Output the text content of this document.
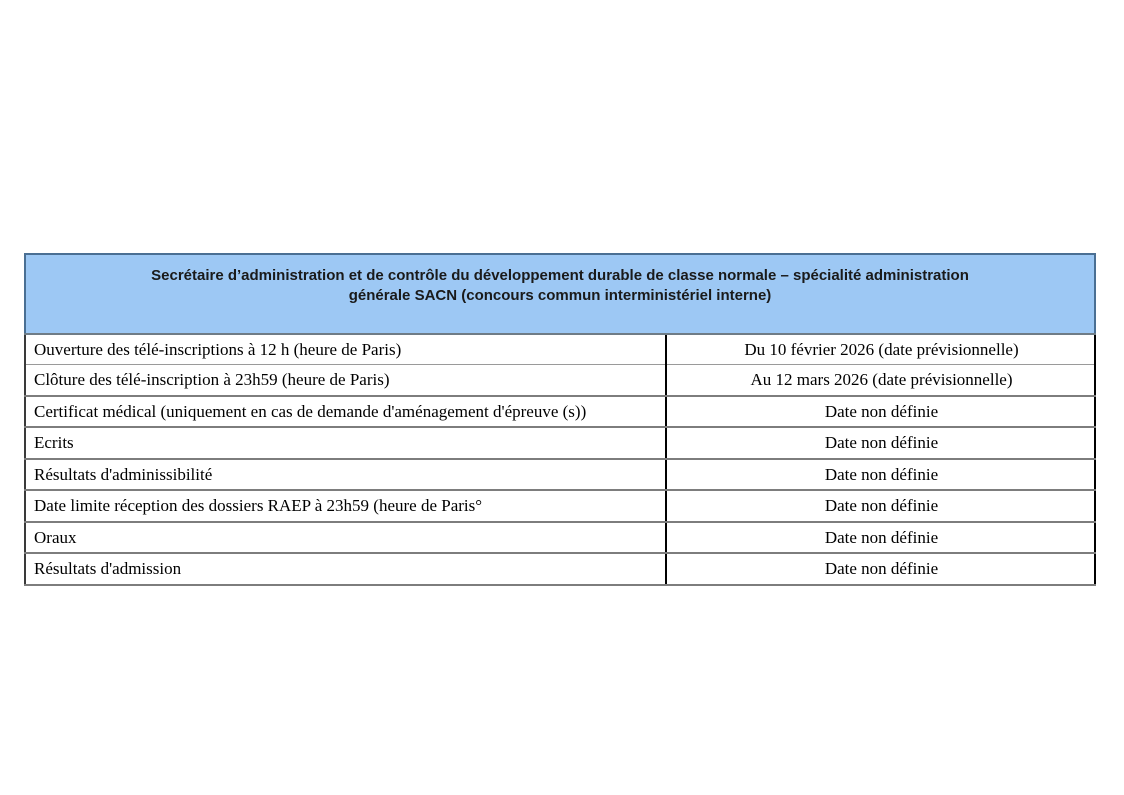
Secrétaire d’administration et de contrôle du développement durable de classe normale – spécialité administration
générale SACN (concours commun interministériel interne)	

Ouverture des télé-inscriptions à 12 h (heure de Paris)	Du 10 février 2026 (date prévisionnelle)
Clôture des télé-inscription à 23h59 (heure de Paris)	Au 12 mars 2026 (date prévisionnelle)
Certificat médical (uniquement en cas de demande d'aménagement d'épreuve (s))	Date non définie
Ecrits	Date non définie
Résultats d'adminissibilité	Date non définie
Date limite réception des dossiers RAEP à 23h59 (heure de Paris°	Date non définie
Oraux	Date non définie
Résultats d'admission	Date non définie
